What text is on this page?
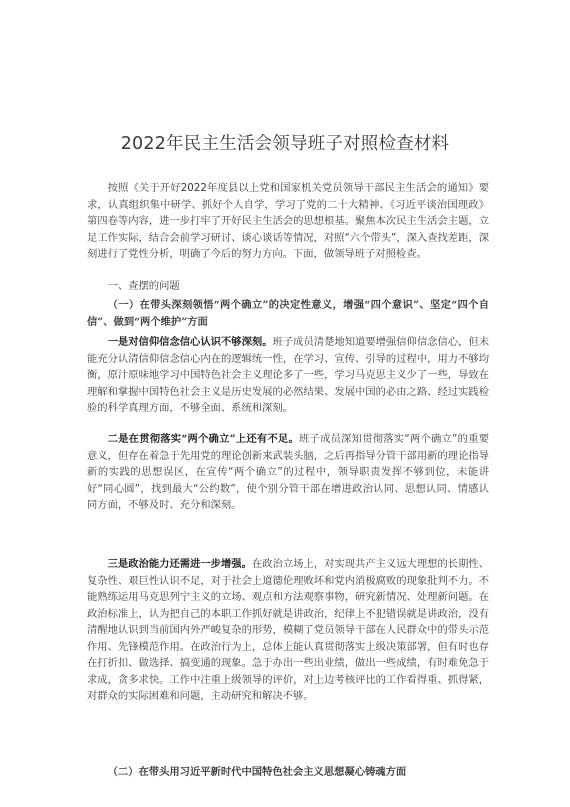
2022年民主生活会领导班子对照检查材料

按照《关于开好2022年度县以上党和国家机关党员领导干部民主生活会的通知》要求，认真组织集中研学、抓好个人自学，学习了党的二十大精神、《习近平谈治国理政》第四卷等内容，进一步打牢了开好民主生活会的思想根基。聚焦本次民主生活会主题，立足工作实际，结合会前学习研讨、谈心谈话等情况，对照“六个带头”，深入查找差距，深刻进行了党性分析，明确了今后的努力方向。下面，做领导班子对照检查。

一、查摆的问题

（一）在带头深刻领悟“两个确立”的决定性意义，增强“四个意识”、坚定“四个自信”、做到“两个维护”方面

一是对信仰信念信心认识不够深刻。班子成员清楚地知道要增强信仰信念信心，但未能充分认清信仰信念信心内在的逻辑统一性，在学习、宣传、引导的过程中，用力不够均衡，原汁原味地学习中国特色社会主义理论多了一些，学习马克思主义少了一些，导致在理解和掌握中国特色社会主义是历史发展的必然结果、发展中国的必由之路、经过实践检验的科学真理方面，不够全面、系统和深刻。

二是在贯彻落实“两个确立”上还有不足。班子成员深知贯彻落实“两个确立”的重要意义，但存在着急于先用党的理论创新来武装头脑，之后再指导分管干部用新的理论指导新的实践的思想误区，在宣传“两个确立”的过程中，领导职责发挥不够到位，未能讲好“同心圆”，找到最大“公约数”，使个别分管干部在增进政治认同、思想认同、情感认同方面，不够及时、充分和深刻。

三是政治能力还需进一步增强。在政治立场上，对实现共产主义远大理想的长期性、复杂性、艰巨性认识不足，对于社会上道德伦理败坏和党内消极腐败的现象批判不力。不能熟练运用马克思列宁主义的立场、观点和方法观察事物，研究新情况、处理新问题。在政治标准上，认为把自己的本职工作抓好就是讲政治，纪律上不犯错误就是讲政治，没有清醒地认识到当前国内外严峻复杂的形势，模糊了党员领导干部在人民群众中的带头示范作用、先锋模范作用。在政治行为上，总体上能认真贯彻落实上级决策部署，但有时也存在打折扣、做选择、搞变通的现象。急于办出一些出业绩，做出一些成绩，有时难免急于求成，贪多求快。工作中注重上级领导的评价，对上边考核评比的工作看得重、抓得紧，对群众的实际困难和问题，主动研究和解决不够。

（二）在带头用习近平新时代中国特色社会主义思想凝心铸魂方面
